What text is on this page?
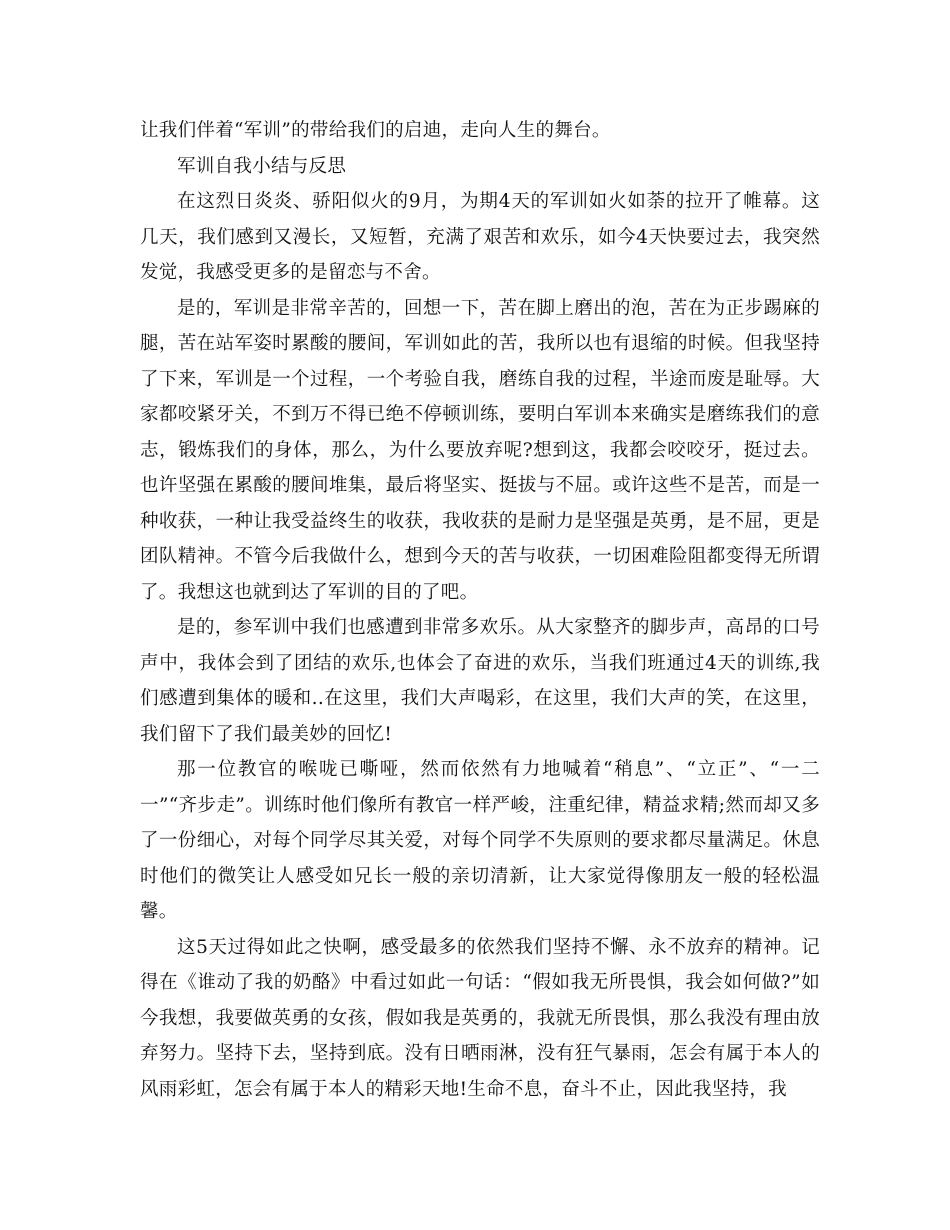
让我们伴着“军训”的带给我们的启迪，走向人生的舞台。

军训自我小结与反思

在这烈日炎炎、骄阳似火的9月，为期4天的军训如火如荼的拉开了帷幕。这几天，我们感到又漫长，又短暂，充满了艰苦和欢乐，如今4天快要过去，我突然发觉，我感受更多的是留恋与不舍。

是的，军训是非常辛苦的，回想一下，苦在脚上磨出的泡，苦在为正步踢麻的腿，苦在站军姿时累酸的腰间，军训如此的苦，我所以也有退缩的时候。但我坚持了下来，军训是一个过程，一个考验自我，磨练自我的过程，半途而废是耻辱。大家都咬紧牙关，不到万不得已绝不停顿训练，要明白军训本来确实是磨练我们的意志，锻炼我们的身体，那么，为什么要放弃呢?想到这，我都会咬咬牙，挺过去。也许坚强在累酸的腰间堆集，最后将坚实、挺拔与不屈。或许这些不是苦，而是一种收获，一种让我受益终生的收获，我收获的是耐力是坚强是英勇，是不屈，更是团队精神。不管今后我做什么，想到今天的苦与收获，一切困难险阻都变得无所谓了。我想这也就到达了军训的目的了吧。

是的，参军训中我们也感遭到非常多欢乐。从大家整齐的脚步声，高昂的口号声中，我体会到了团结的欢乐,也体会了奋进的欢乐，当我们班通过4天的训练,我们感遭到集体的暖和..在这里，我们大声喝彩，在这里，我们大声的笑，在这里，我们留下了我们最美妙的回忆!

那一位教官的喉咙已嘶哑，然而依然有力地喊着“稍息”、“立正”、“一二一”“齐步走”。训练时他们像所有教官一样严峻，注重纪律，精益求精;然而却又多了一份细心，对每个同学尽其关爱，对每个同学不失原则的要求都尽量满足。休息时他们的微笑让人感受如兄长一般的亲切清新，让大家觉得像朋友一般的轻松温馨。

这5天过得如此之快啊，感受最多的依然我们坚持不懈、永不放弃的精神。记得在《谁动了我的奶酪》中看过如此一句话：“假如我无所畏惧，我会如何做?”如今我想，我要做英勇的女孩，假如我是英勇的，我就无所畏惧，那么我没有理由放弃努力。坚持下去，坚持到底。没有日晒雨淋，没有狂气暴雨，怎会有属于本人的风雨彩虹，怎会有属于本人的精彩天地!生命不息，奋斗不止，因此我坚持，我
